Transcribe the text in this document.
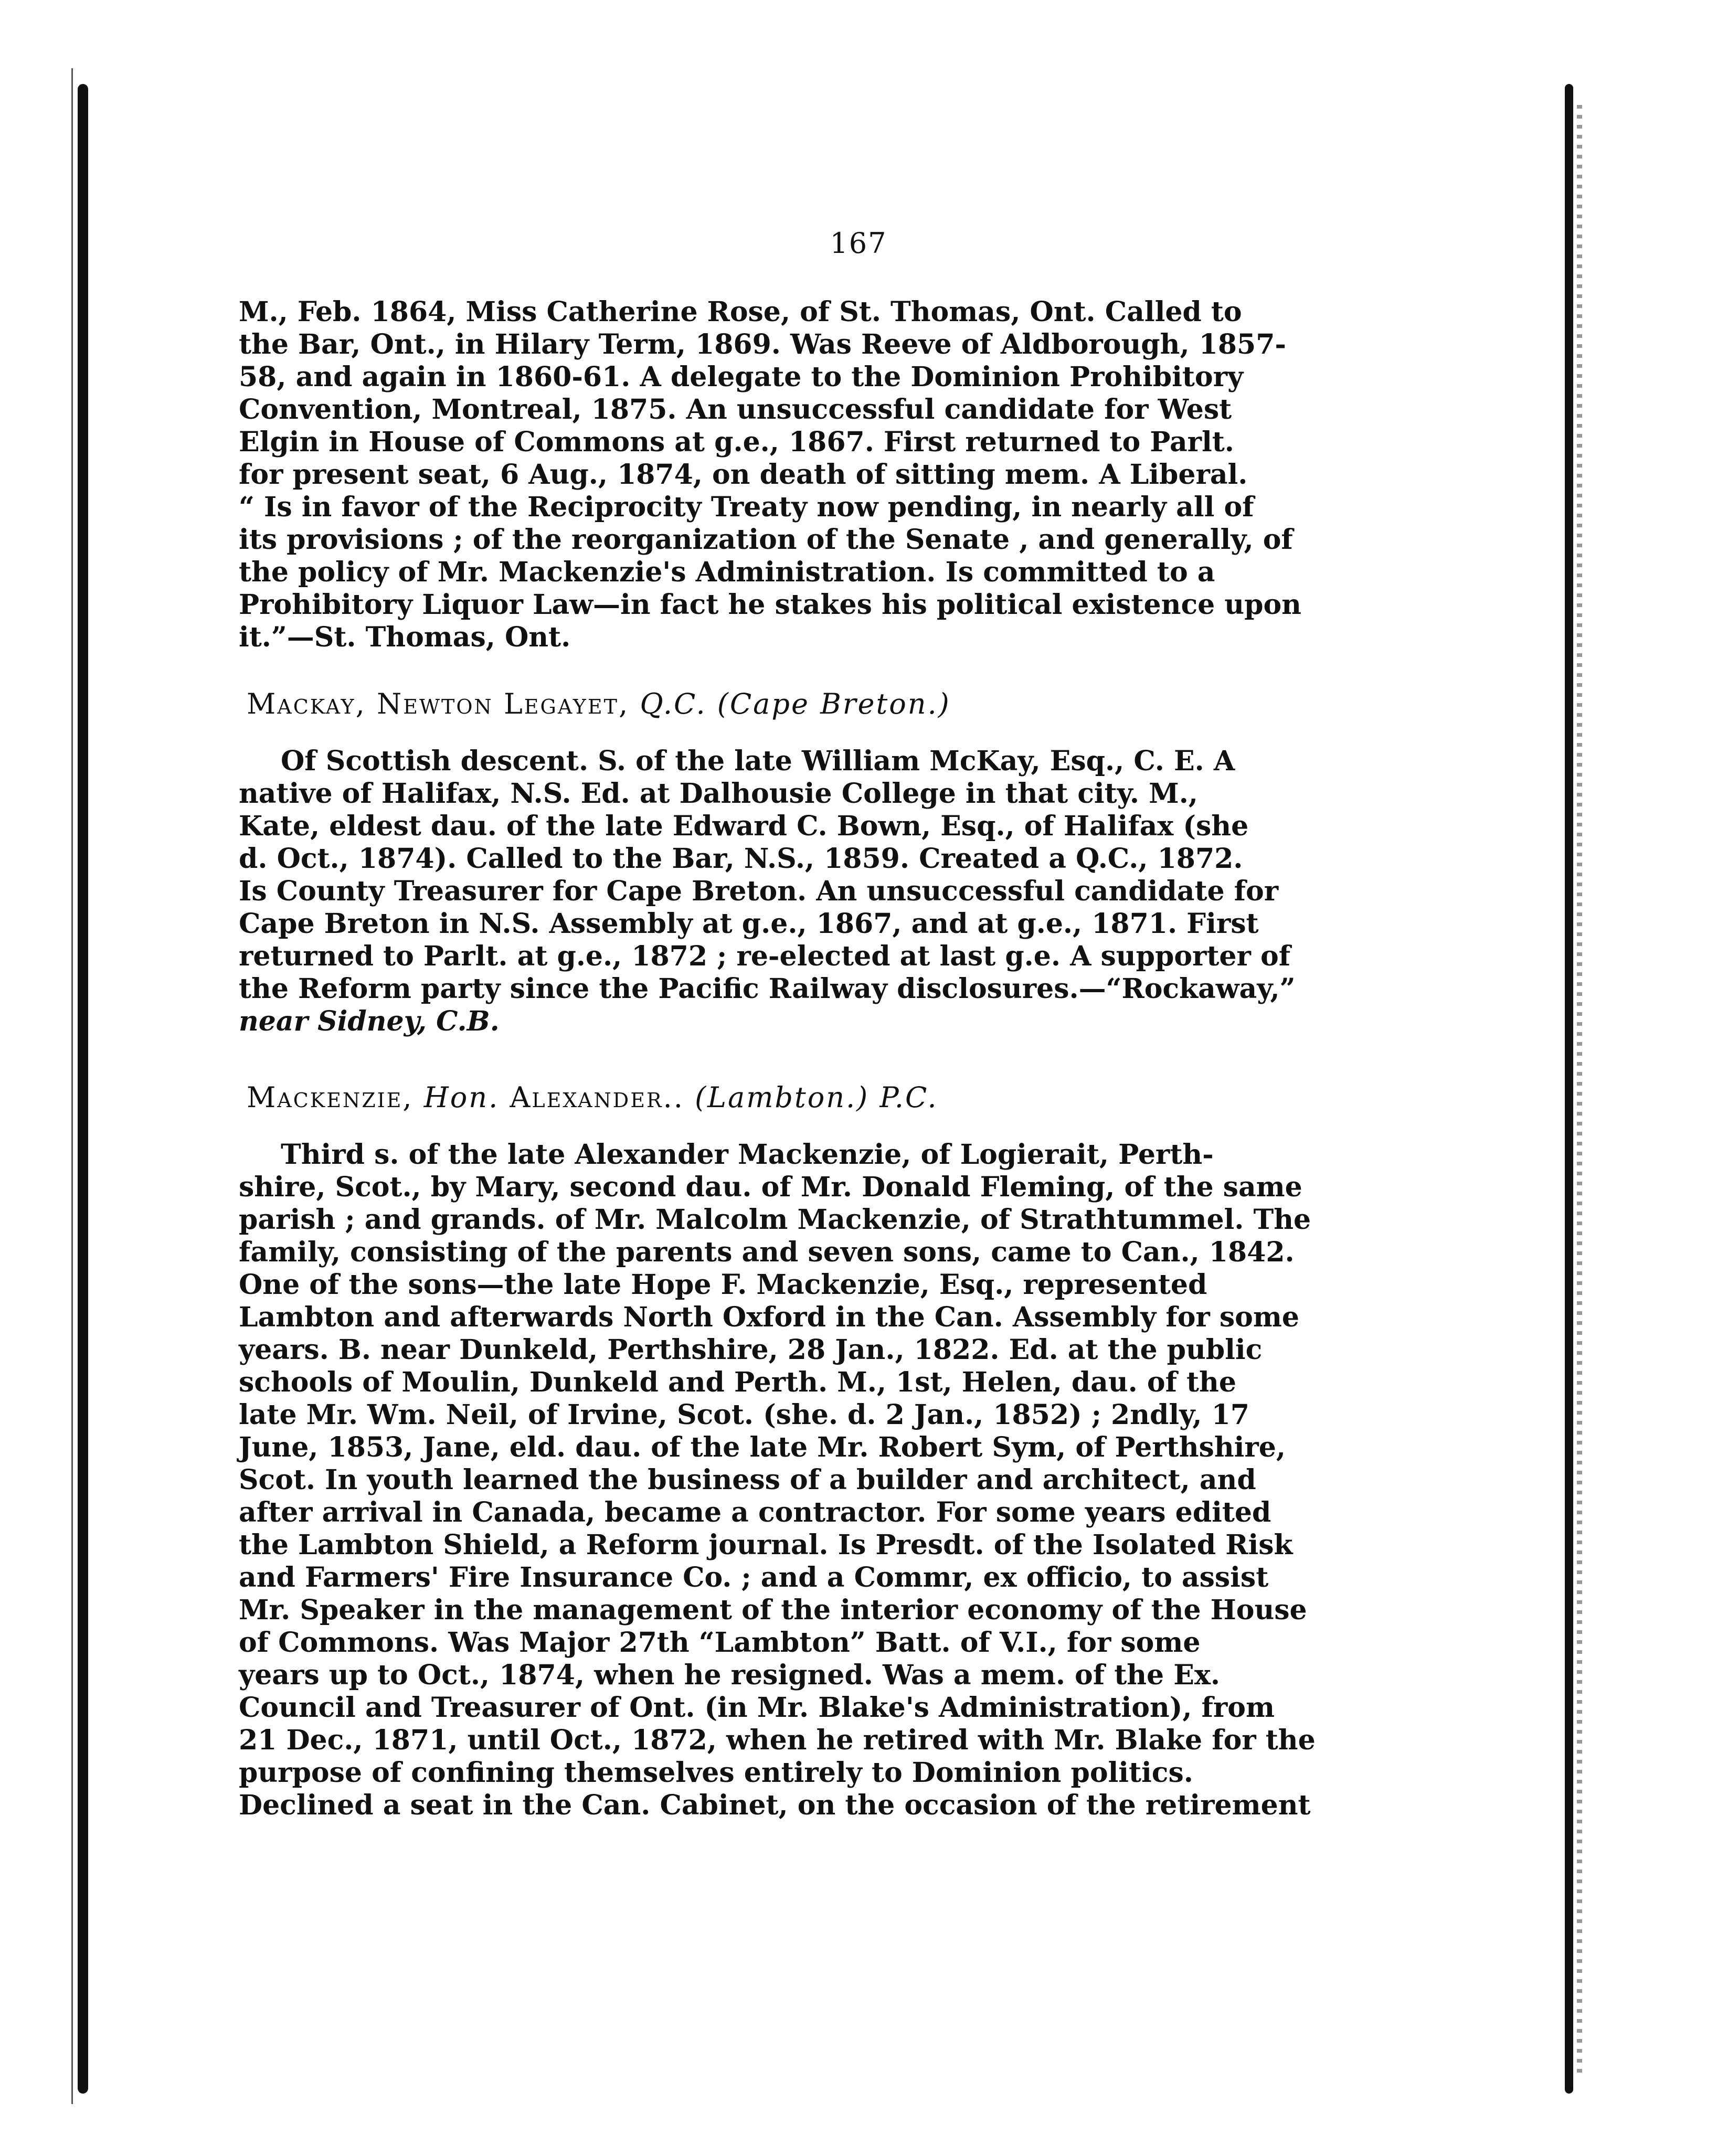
167
M., Feb. 1864, Miss Catherine Rose, of St. Thomas, Ont. Called to
the Bar, Ont., in Hilary Term, 1869. Was Reeve of Aldborough, 1857-
58, and again in 1860-61. A delegate to the Dominion Prohibitory
Convention, Montreal, 1875. An unsuccessful candidate for West
Elgin in House of Commons at g.e., 1867. First returned to Parlt.
for present seat, 6 Aug., 1874, on death of sitting mem. A Liberal.
“ Is in favor of the Reciprocity Treaty now pending, in nearly all of
its provisions ; of the reorganization of the Senate , and generally, of
the policy of Mr. Mackenzie's Administration. Is committed to a
Prohibitory Liquor Law—in fact he stakes his political existence upon
it.”—St. Thomas, Ont.
Mackay, Newton Legayet, Q.C. (Cape Breton.)
Of Scottish descent. S. of the late William McKay, Esq., C. E. A
native of Halifax, N.S. Ed. at Dalhousie College in that city. M.,
Kate, eldest dau. of the late Edward C. Bown, Esq., of Halifax (she
d. Oct., 1874). Called to the Bar, N.S., 1859. Created a Q.C., 1872.
Is County Treasurer for Cape Breton. An unsuccessful candidate for
Cape Breton in N.S. Assembly at g.e., 1867, and at g.e., 1871. First
returned to Parlt. at g.e., 1872 ; re-elected at last g.e. A supporter of
the Reform party since the Pacific Railway disclosures.—“Rockaway,”
near Sidney, C.B.
Mackenzie, Hon. Alexander.. (Lambton.) P.C.
Third s. of the late Alexander Mackenzie, of Logierait, Perth-
shire, Scot., by Mary, second dau. of Mr. Donald Fleming, of the same
parish ; and grands. of Mr. Malcolm Mackenzie, of Strathtummel. The
family, consisting of the parents and seven sons, came to Can., 1842.
One of the sons—the late Hope F. Mackenzie, Esq., represented
Lambton and afterwards North Oxford in the Can. Assembly for some
years. B. near Dunkeld, Perthshire, 28 Jan., 1822. Ed. at the public
schools of Moulin, Dunkeld and Perth. M., 1st, Helen, dau. of the
late Mr. Wm. Neil, of Irvine, Scot. (she. d. 2 Jan., 1852) ; 2ndly, 17
June, 1853, Jane, eld. dau. of the late Mr. Robert Sym, of Perthshire,
Scot. In youth learned the business of a builder and architect, and
after arrival in Canada, became a contractor. For some years edited
the Lambton Shield, a Reform journal. Is Presdt. of the Isolated Risk
and Farmers' Fire Insurance Co. ; and a Commr, ex officio, to assist
Mr. Speaker in the management of the interior economy of the House
of Commons. Was Major 27th “Lambton” Batt. of V.I., for some
years up to Oct., 1874, when he resigned. Was a mem. of the Ex.
Council and Treasurer of Ont. (in Mr. Blake's Administration), from
21 Dec., 1871, until Oct., 1872, when he retired with Mr. Blake for the
purpose of confining themselves entirely to Dominion politics.
Declined a seat in the Can. Cabinet, on the occasion of the retirement
